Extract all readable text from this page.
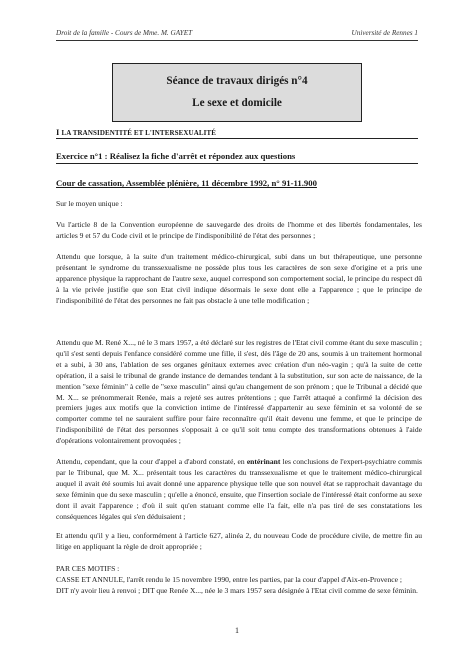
Droit de la famille - Cours de Mme. M. GAYET	Université de Rennes 1
Séance de travaux dirigés n°4
Le sexe et domicile
I LA TRANSIDENTITÉ ET L'INTERSEXUALITÉ
Exercice n°1 : Réalisez la fiche d'arrêt et répondez aux questions
Cour de cassation, Assemblée plénière, 11 décembre 1992, n° 91-11.900
Sur le moyen unique :
Vu l'article 8 de la Convention européenne de sauvegarde des droits de l'homme et des libertés fondamentales, les articles 9 et 57 du Code civil et le principe de l'indisponibilité de l'état des personnes ;
Attendu que lorsque, à la suite d'un traitement médico-chirurgical, subi dans un but thérapeutique, une personne présentant le syndrome du transsexualisme ne possède plus tous les caractères de son sexe d'origine et a pris une apparence physique la rapprochant de l'autre sexe, auquel correspond son comportement social, le principe du respect dû à la vie privée justifie que son Etat civil indique désormais le sexe dont elle a l'apparence ; que le principe de l'indisponibilité de l'état des personnes ne fait pas obstacle à une telle modification ;
Attendu que M. René X..., né le 3 mars 1957, a été déclaré sur les registres de l'Etat civil comme étant du sexe masculin ; qu'il s'est senti depuis l'enfance considéré comme une fille, il s'est, dès l'âge de 20 ans, soumis à un traitement hormonal et a subi, à 30 ans, l'ablation de ses organes génitaux externes avec création d'un néo-vagin ; qu'à la suite de cette opération, il a saisi le tribunal de grande instance de demandes tendant à la substitution, sur son acte de naissance, de la mention "sexe féminin" à celle de "sexe masculin" ainsi qu'au changement de son prénom ; que le Tribunal a décidé que M. X... se prénommerait Renée, mais a rejeté ses autres prétentions ; que l'arrêt attaqué a confirmé la décision des premiers juges aux motifs que la conviction intime de l'intéressé d'appartenir au sexe féminin et sa volonté de se comporter comme tel ne sauraient suffire pour faire reconnaître qu'il était devenu une femme, et que le principe de l'indisponibilité de l'état des personnes s'opposait à ce qu'il soit tenu compte des transformations obtenues à l'aide d'opérations volontairement provoquées ;
Attendu, cependant, que la cour d'appel a d'abord constaté, en entérinant les conclusions de l'expert-psychiatre commis par le Tribunal, que M. X... présentait tous les caractères du transsexualisme et que le traitement médico-chirurgical auquel il avait été soumis lui avait donné une apparence physique telle que son nouvel état se rapprochait davantage du sexe féminin que du sexe masculin ; qu'elle a énoncé, ensuite, que l'insertion sociale de l'intéressé était conforme au sexe dont il avait l'apparence ; d'où il suit qu'en statuant comme elle l'a fait, elle n'a pas tiré de ses constatations les conséquences légales qui s'en déduisaient ;
Et attendu qu'il y a lieu, conformément à l'article 627, alinéa 2, du nouveau Code de procédure civile, de mettre fin au litige en appliquant la règle de droit appropriée ;
PAR CES MOTIFS :
CASSE ET ANNULE, l'arrêt rendu le 15 novembre 1990, entre les parties, par la cour d'appel d'Aix-en-Provence ;
DIT n'y avoir lieu à renvoi ; DIT que Renée X..., née le 3 mars 1957 sera désignée à l'Etat civil comme de sexe féminin.
1
